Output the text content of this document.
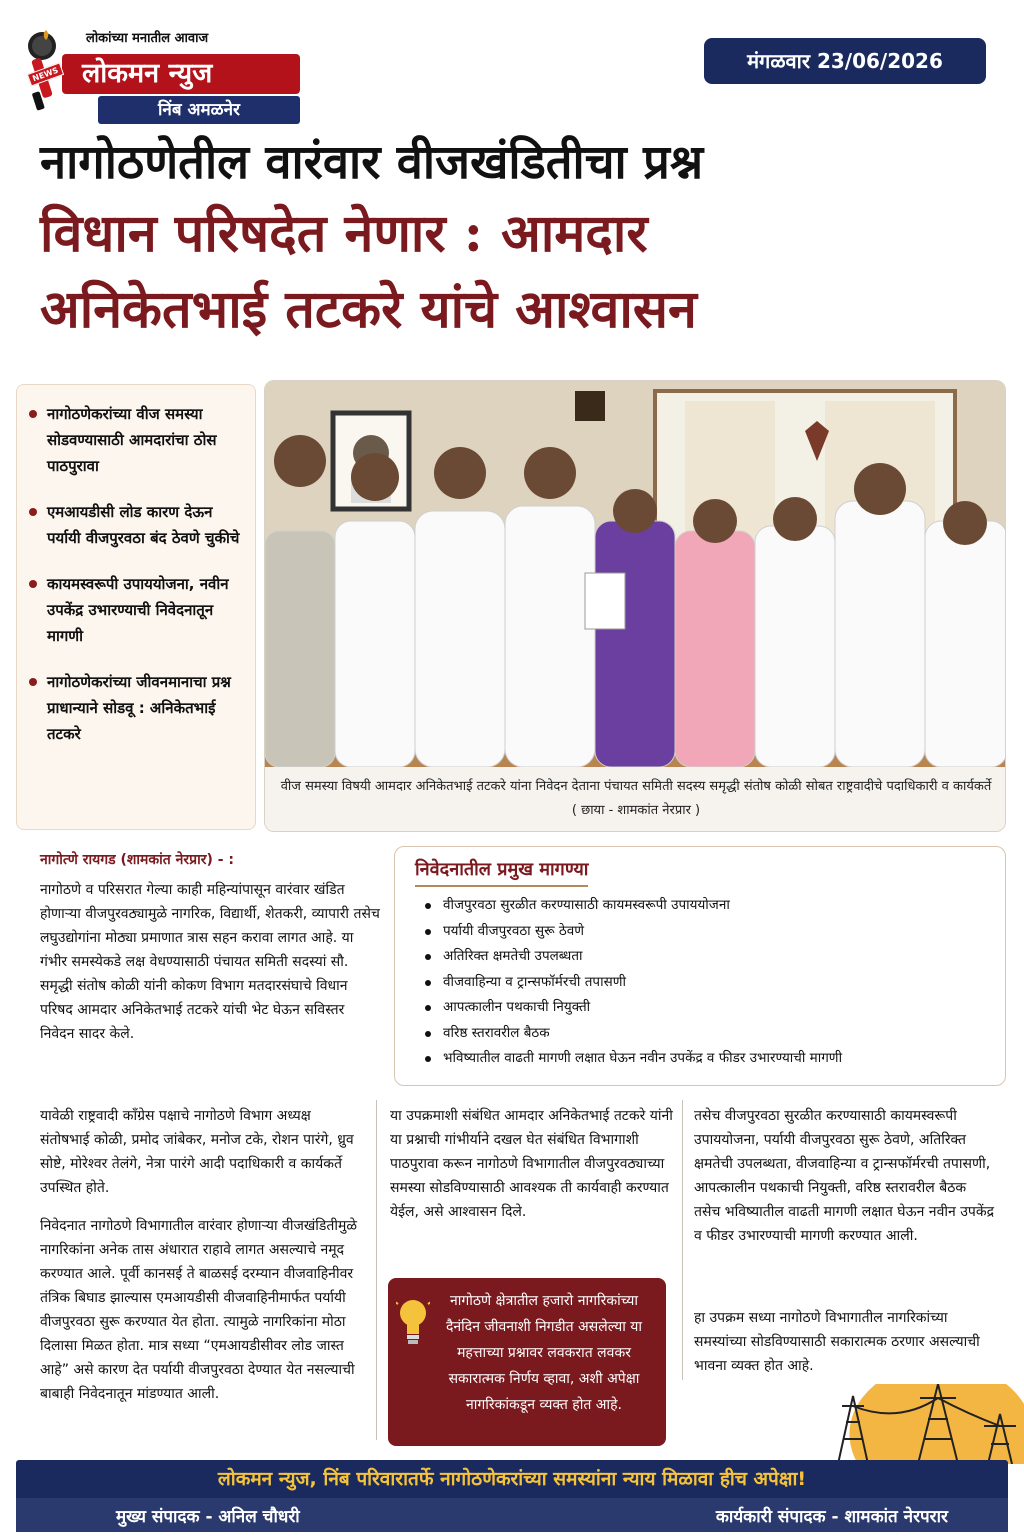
लोकांच्या मनातील आवाज
लोकमन न्युज
NEWS
निंब अमळनेर
मंगळवार 23/06/2026
नागोठणेतील वारंवार वीजखंडितीचा प्रश्न
विधान परिषदेत नेणार : आमदार
अनिकेतभाई तटकरे यांचे आश्वासन
नागोठणेकरांच्या वीज समस्या सोडवण्यासाठी आमदारांचा ठोस पाठपुरावा
एमआयडीसी लोड कारण देऊन पर्यायी वीजपुरवठा बंद ठेवणे चुकीचे
कायमस्वरूपी उपाययोजना, नवीन उपकेंद्र उभारण्याची निवेदनातून मागणी
नागोठणेकरांच्या जीवनमानाचा प्रश्न प्राधान्याने सोडवू : अनिकेतभाई तटकरे
वीज समस्या विषयी आमदार अनिकेतभाई तटकरे यांना निवेदन देताना पंचायत समिती सदस्य समृद्धी संतोष कोळी सोबत राष्ट्रवादीचे पदाधिकारी व कार्यकर्ते ( छाया - शामकांत नेरप्रार )
नागोत्णे रायगड (शामकांत नेरप्रार) - :
नागोठणे व परिसरात गेल्या काही महिन्यांपासून वारंवार खंडित होणाऱ्या वीजपुरवठ्यामुळे नागरिक, विद्यार्थी, शेतकरी, व्यापारी तसेच लघुउद्योगांना मोठ्या प्रमाणात त्रास सहन करावा लागत आहे. या गंभीर समस्येकडे लक्ष वेधण्यासाठी पंचायत समिती सदस्यां सौ. समृद्धी संतोष कोळी यांनी कोकण विभाग मतदारसंघाचे विधान परिषद आमदार अनिकेतभाई तटकरे यांची भेट घेऊन सविस्तर निवेदन सादर केले.
निवेदनातील प्रमुख मागण्या
वीजपुरवठा सुरळीत करण्यासाठी कायमस्वरूपी उपाययोजना
पर्यायी वीजपुरवठा सुरू ठेवणे
अतिरिक्त क्षमतेची उपलब्धता
वीजवाहिन्या व ट्रान्सफॉर्मरची तपासणी
आपत्कालीन पथकाची नियुक्ती
वरिष्ठ स्तरावरील बैठक
भविष्यातील वाढती मागणी लक्षात घेऊन नवीन उपकेंद्र व फीडर उभारण्याची मागणी
यावेळी राष्ट्रवादी कॉंग्रेस पक्षाचे नागोठणे विभाग अध्यक्ष संतोषभाई कोळी, प्रमोद जांबेकर, मनोज टके, रोशन पारंगे, ध्रुव सोष्टे, मोरेश्वर तेलंगे, नेत्रा पारंगे आदी पदाधिकारी व कार्यकर्ते उपस्थित होते.
निवेदनात नागोठणे विभागातील वारंवार होणाऱ्या वीजखंडितीमुळे नागरिकांना अनेक तास अंधारात राहावे लागत असल्याचे नमूद करण्यात आले. पूर्वी कानसई ते बाळसई दरम्यान वीजवाहिनीवर तंत्रिक बिघाड झाल्यास एमआयडीसी वीजवाहिनीमार्फत पर्यायी वीजपुरवठा सुरू करण्यात येत होता. त्यामुळे नागरिकांना मोठा दिलासा मिळत होता. मात्र सध्या “एमआयडीसीवर लोड जास्त आहे” असे कारण देत पर्यायी वीजपुरवठा देण्यात येत नसल्याची बाबाही निवेदनातून मांडण्यात आली.
या उपक्रमाशी संबंधित आमदार अनिकेतभाई तटकरे यांनी या प्रश्नाची गांभीर्याने दखल घेत संबंधित विभागाशी पाठपुरावा करून नागोठणे विभागातील वीजपुरवठ्याच्या समस्या सोडविण्यासाठी आवश्यक ती कार्यवाही करण्यात येईल, असे आश्वासन दिले.
नागोठणे क्षेत्रातील हजारो नागरिकांच्या दैनंदिन जीवनाशी निगडीत असलेल्या या महत्ताच्या प्रश्नावर लवकरात लवकर सकारात्मक निर्णय व्हावा, अशी अपेक्षा नागरिकांकडून व्यक्त होत आहे.
तसेच वीजपुरवठा सुरळीत करण्यासाठी कायमस्वरूपी उपाययोजना, पर्यायी वीजपुरवठा सुरू ठेवणे, अतिरिक्त क्षमतेची उपलब्धता, वीजवाहिन्या व ट्रान्सफॉर्मरची तपासणी, आपत्कालीन पथकाची नियुक्ती, वरिष्ठ स्तरावरील बैठक तसेच भविष्यातील वाढती मागणी लक्षात घेऊन नवीन उपकेंद्र व फीडर उभारण्याची मागणी करण्यात आली.
हा उपक्रम सध्या नागोठणे विभागातील नागरिकांच्या समस्यांच्या सोडविण्यासाठी सकारात्मक ठरणार असल्याची भावना व्यक्त होत आहे.
लोकमन न्युज, निंब परिवारातर्फे नागोठणेकरांच्या समस्यांना न्याय मिळावा हीच अपेक्षा!
मुख्य संपादक - अनिल चौधरी	कार्यकारी संपादक - शामकांत नेरपरार
